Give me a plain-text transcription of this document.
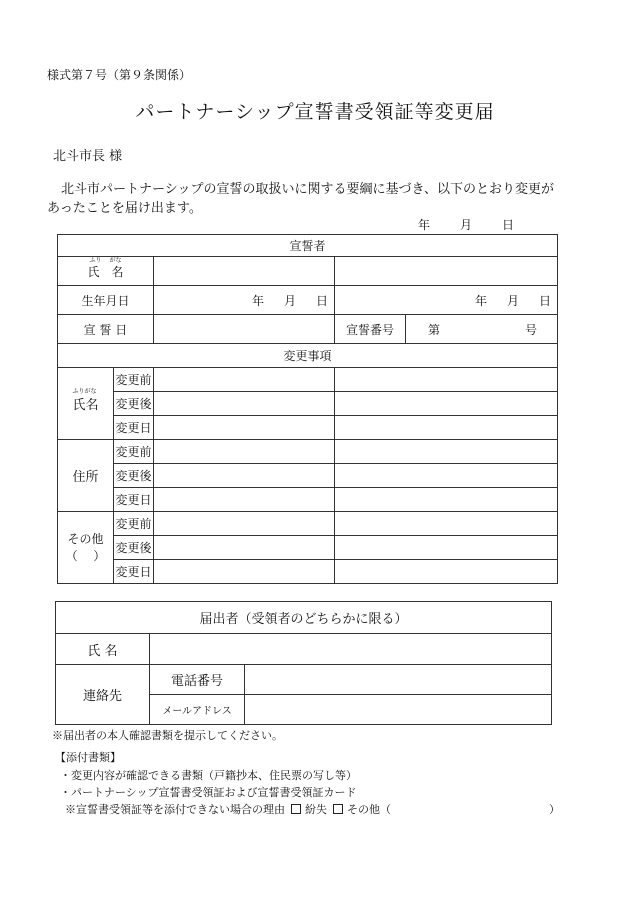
様式第７号（第９条関係）
パートナーシップ宣誓書受領証等変更届
北斗市長 様
北斗市パートナーシップの宣誓の取扱いに関する要綱に基づき、以下のとおり変更があったことを届け出ます。
年 月 日
宣誓者				

ふり がな
氏　名				
生年月日		年 月 日	年 月 日	

宣 誓 日			宣誓番号	第 号

変更事項				

ふりがな
氏名	変更前			
	変更後			
	変更日			
住所	変更前			
	変更後			
	変更日			

その他
（　 ）	変更前			
	変更後			
	変更日			
届出者（受領者のどちらかに限る）		
氏 名		
連絡先	電話番号	
	メールアドレス	
※届出者の本人確認書類を提示してください。
【添付書類】
・変更内容が確認できる書類（戸籍抄本、住民票の写し等）
・パートナーシップ宣誓書受領証および宣誓書受領証カード
※宣誓書受領証等を添付できない場合の理由 紛失 その他（	）
